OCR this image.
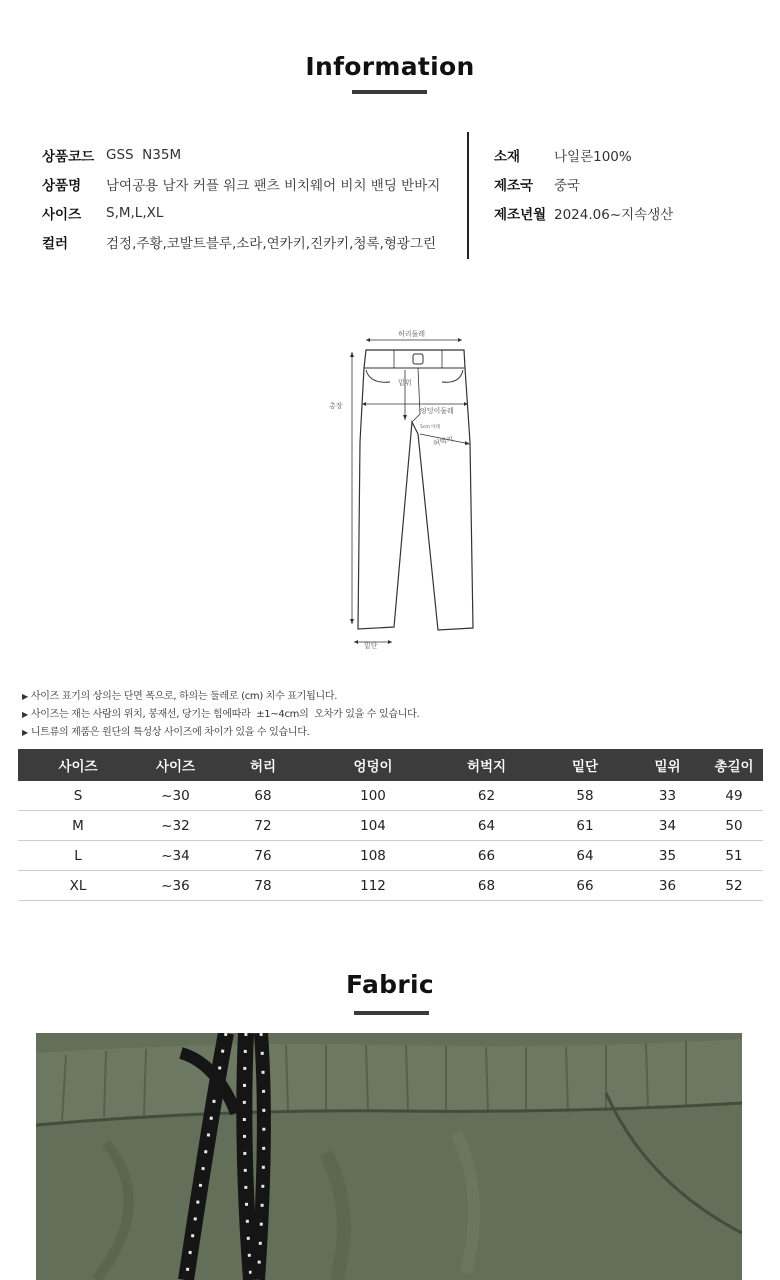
Information
상품코드 GSS  N35M
상품명	남여공용 남자 커플 워크 팬츠 비치웨어 비치 밴딩 반바지
사이즈	S,M,L,XL
컬러	검정,주황,코발트블루,소라,연카키,진카키,청록,형광그린
소재	나일론100%
제조국	중국
제조년월 2024.06~지속생산
허리둘레
밑위
엉덩이둘레
5cm 아래
허벅지
총장
밑단
▶ 사이즈 표기의 상의는 단면 폭으로, 하의는 둘레로 (cm) 치수 표기됩니다.
▶ 사이즈는 재는 사람의 위치, 봉재선, 당기는 힘에따라  ±1~4cm의  오차가 있을 수 있습니다.
▶ 니트류의 제품은 원단의 특성상 사이즈에 차이가 있을 수 있습니다.
사이즈	사이즈	허리	엉덩이	허벅지	밑단	밑위	총길이
S	~30	68	100	62	58	33	49
M	~32	72	104	64	61	34	50
L	~34	76	108	66	64	35	51
XL	~36	78	112	68	66	36	52
Fabric
